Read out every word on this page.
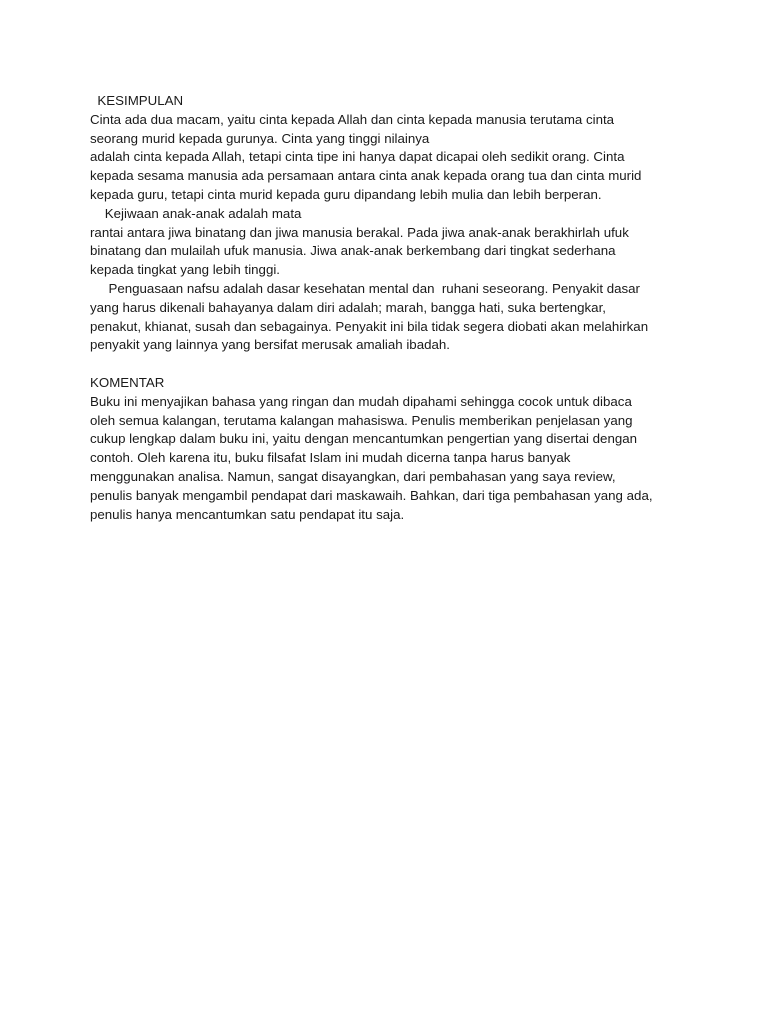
KESIMPULAN
Cinta ada dua macam, yaitu cinta kepada Allah dan cinta kepada manusia terutama cinta
seorang murid kepada gurunya. Cinta yang tinggi nilainya
adalah cinta kepada Allah, tetapi cinta tipe ini hanya dapat dicapai oleh sedikit orang. Cinta
kepada sesama manusia ada persamaan antara cinta anak kepada orang tua dan cinta murid
kepada guru, tetapi cinta murid kepada guru dipandang lebih mulia dan lebih berperan.
Kejiwaan anak-anak adalah mata
rantai antara jiwa binatang dan jiwa manusia berakal. Pada jiwa anak-anak berakhirlah ufuk
binatang dan mulailah ufuk manusia. Jiwa anak-anak berkembang dari tingkat sederhana
kepada tingkat yang lebih tinggi.
Penguasaan nafsu adalah dasar kesehatan mental dan  ruhani seseorang. Penyakit dasar
yang harus dikenali bahayanya dalam diri adalah; marah, bangga hati, suka bertengkar,
penakut, khianat, susah dan sebagainya. Penyakit ini bila tidak segera diobati akan melahirkan
penyakit yang lainnya yang bersifat merusak amaliah ibadah.
KOMENTAR
Buku ini menyajikan bahasa yang ringan dan mudah dipahami sehingga cocok untuk dibaca
oleh semua kalangan, terutama kalangan mahasiswa. Penulis memberikan penjelasan yang
cukup lengkap dalam buku ini, yaitu dengan mencantumkan pengertian yang disertai dengan
contoh. Oleh karena itu, buku filsafat Islam ini mudah dicerna tanpa harus banyak
menggunakan analisa. Namun, sangat disayangkan, dari pembahasan yang saya review,
penulis banyak mengambil pendapat dari maskawaih. Bahkan, dari tiga pembahasan yang ada,
penulis hanya mencantumkan satu pendapat itu saja.
